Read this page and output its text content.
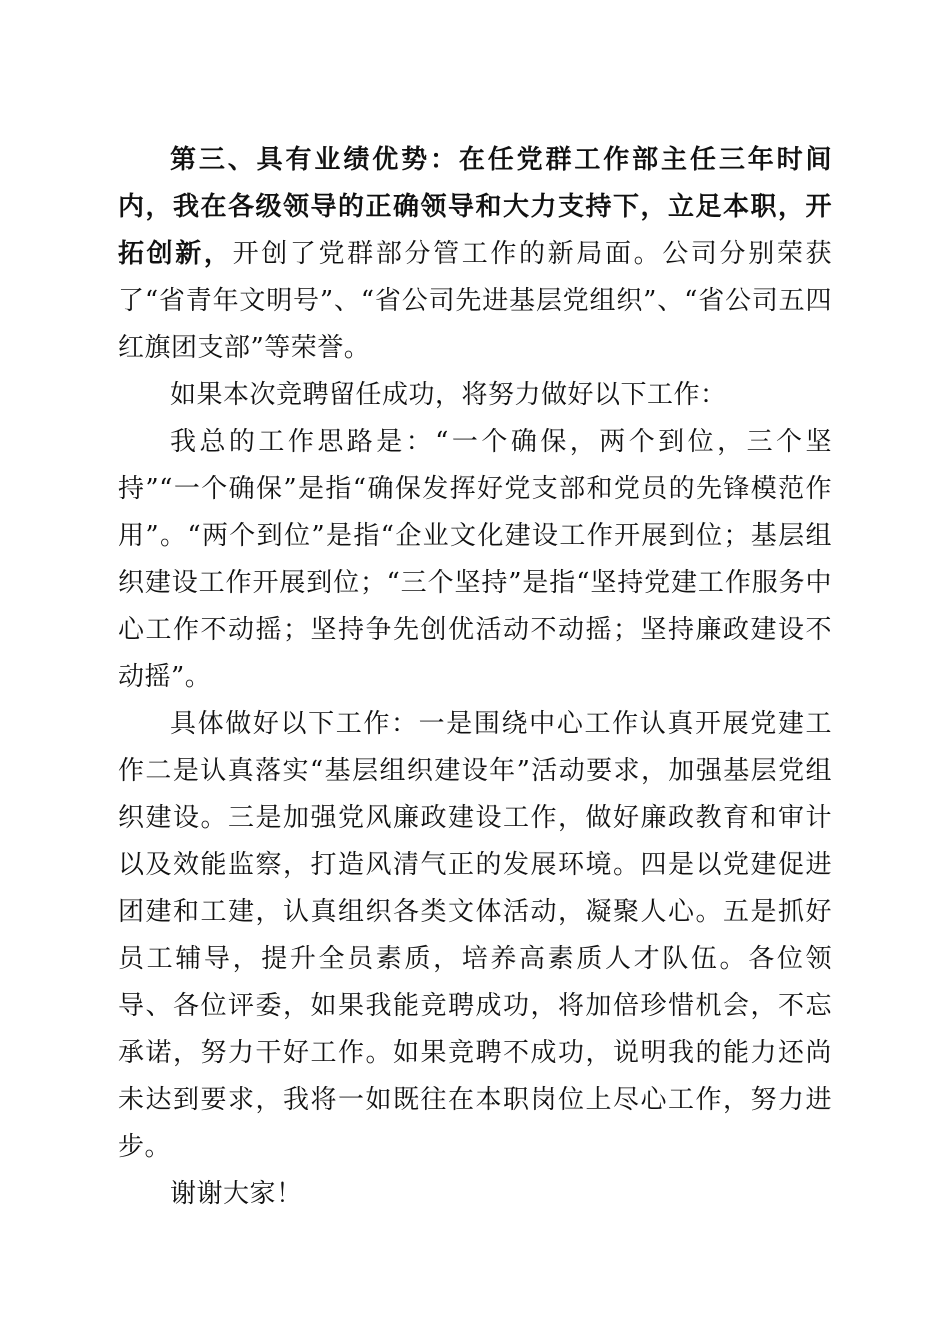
第三、具有业绩优势：在任党群工作部主任三年时间内，我在各级领导的正确领导和大力支持下，立足本职，开拓创新，开创了党群部分管工作的新局面。公司分别荣获了“省青年文明号”、“省公司先进基层党组织”、“省公司五四红旗团支部”等荣誉。

如果本次竞聘留任成功，将努力做好以下工作：

我总的工作思路是：“一个确保，两个到位，三个坚持”“一个确保”是指“确保发挥好党支部和党员的先锋模范作用”。“两个到位”是指“企业文化建设工作开展到位；基层组织建设工作开展到位；“三个坚持”是指“坚持党建工作服务中心工作不动摇；坚持争先创优活动不动摇；坚持廉政建设不动摇”。

具体做好以下工作：一是围绕中心工作认真开展党建工作二是认真落实“基层组织建设年”活动要求，加强基层党组织建设。三是加强党风廉政建设工作，做好廉政教育和审计以及效能监察，打造风清气正的发展环境。四是以党建促进团建和工建，认真组织各类文体活动，凝聚人心。五是抓好员工辅导，提升全员素质，培养高素质人才队伍。各位领导、各位评委，如果我能竞聘成功，将加倍珍惜机会，不忘承诺，努力干好工作。如果竞聘不成功，说明我的能力还尚未达到要求，我将一如既往在本职岗位上尽心工作，努力进步。

谢谢大家！
